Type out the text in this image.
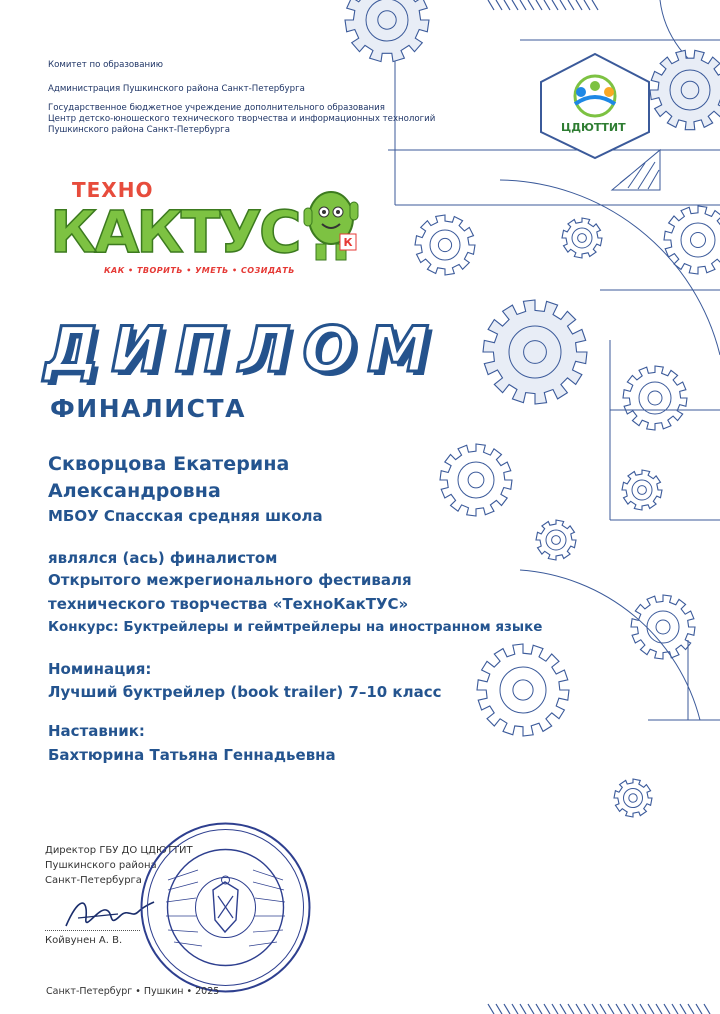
Комитет по образованию
Администрация Пушкинского района Санкт-Петербурга
Государственное бюджетное учреждение дополнительного образования
Центр детско-юношеского технического творчества и информационных технологий
Пушкинского района Санкт-Петербурга	ЦДЮТТИТ
ТЕХНО
КАКТУС	К
КАК • ТВОРИТЬ • УМЕТЬ • СОЗИДАТЬ
ДИПЛОМ
ФИНАЛИСТА
Скворцова Екатерина
Александровна
МБОУ Спасская средняя школа
являлся (ась) финалистом
Открытого межрегионального фестиваля
технического творчества «ТехноКакТУС»
Конкурс: Буктрейлеры и геймтрейлеры на иностранном языке
Номинация:
Лучший буктрейлер (book trailer) 7–10 класс
Наставник:
Бахтюрина Татьяна Геннадьевна
Директор ГБУ ДО ЦДЮТТИТ
Пушкинского района
Санкт-Петербурга
Койвунен А. В.
Санкт-Петербург • Пушкин • 2025
